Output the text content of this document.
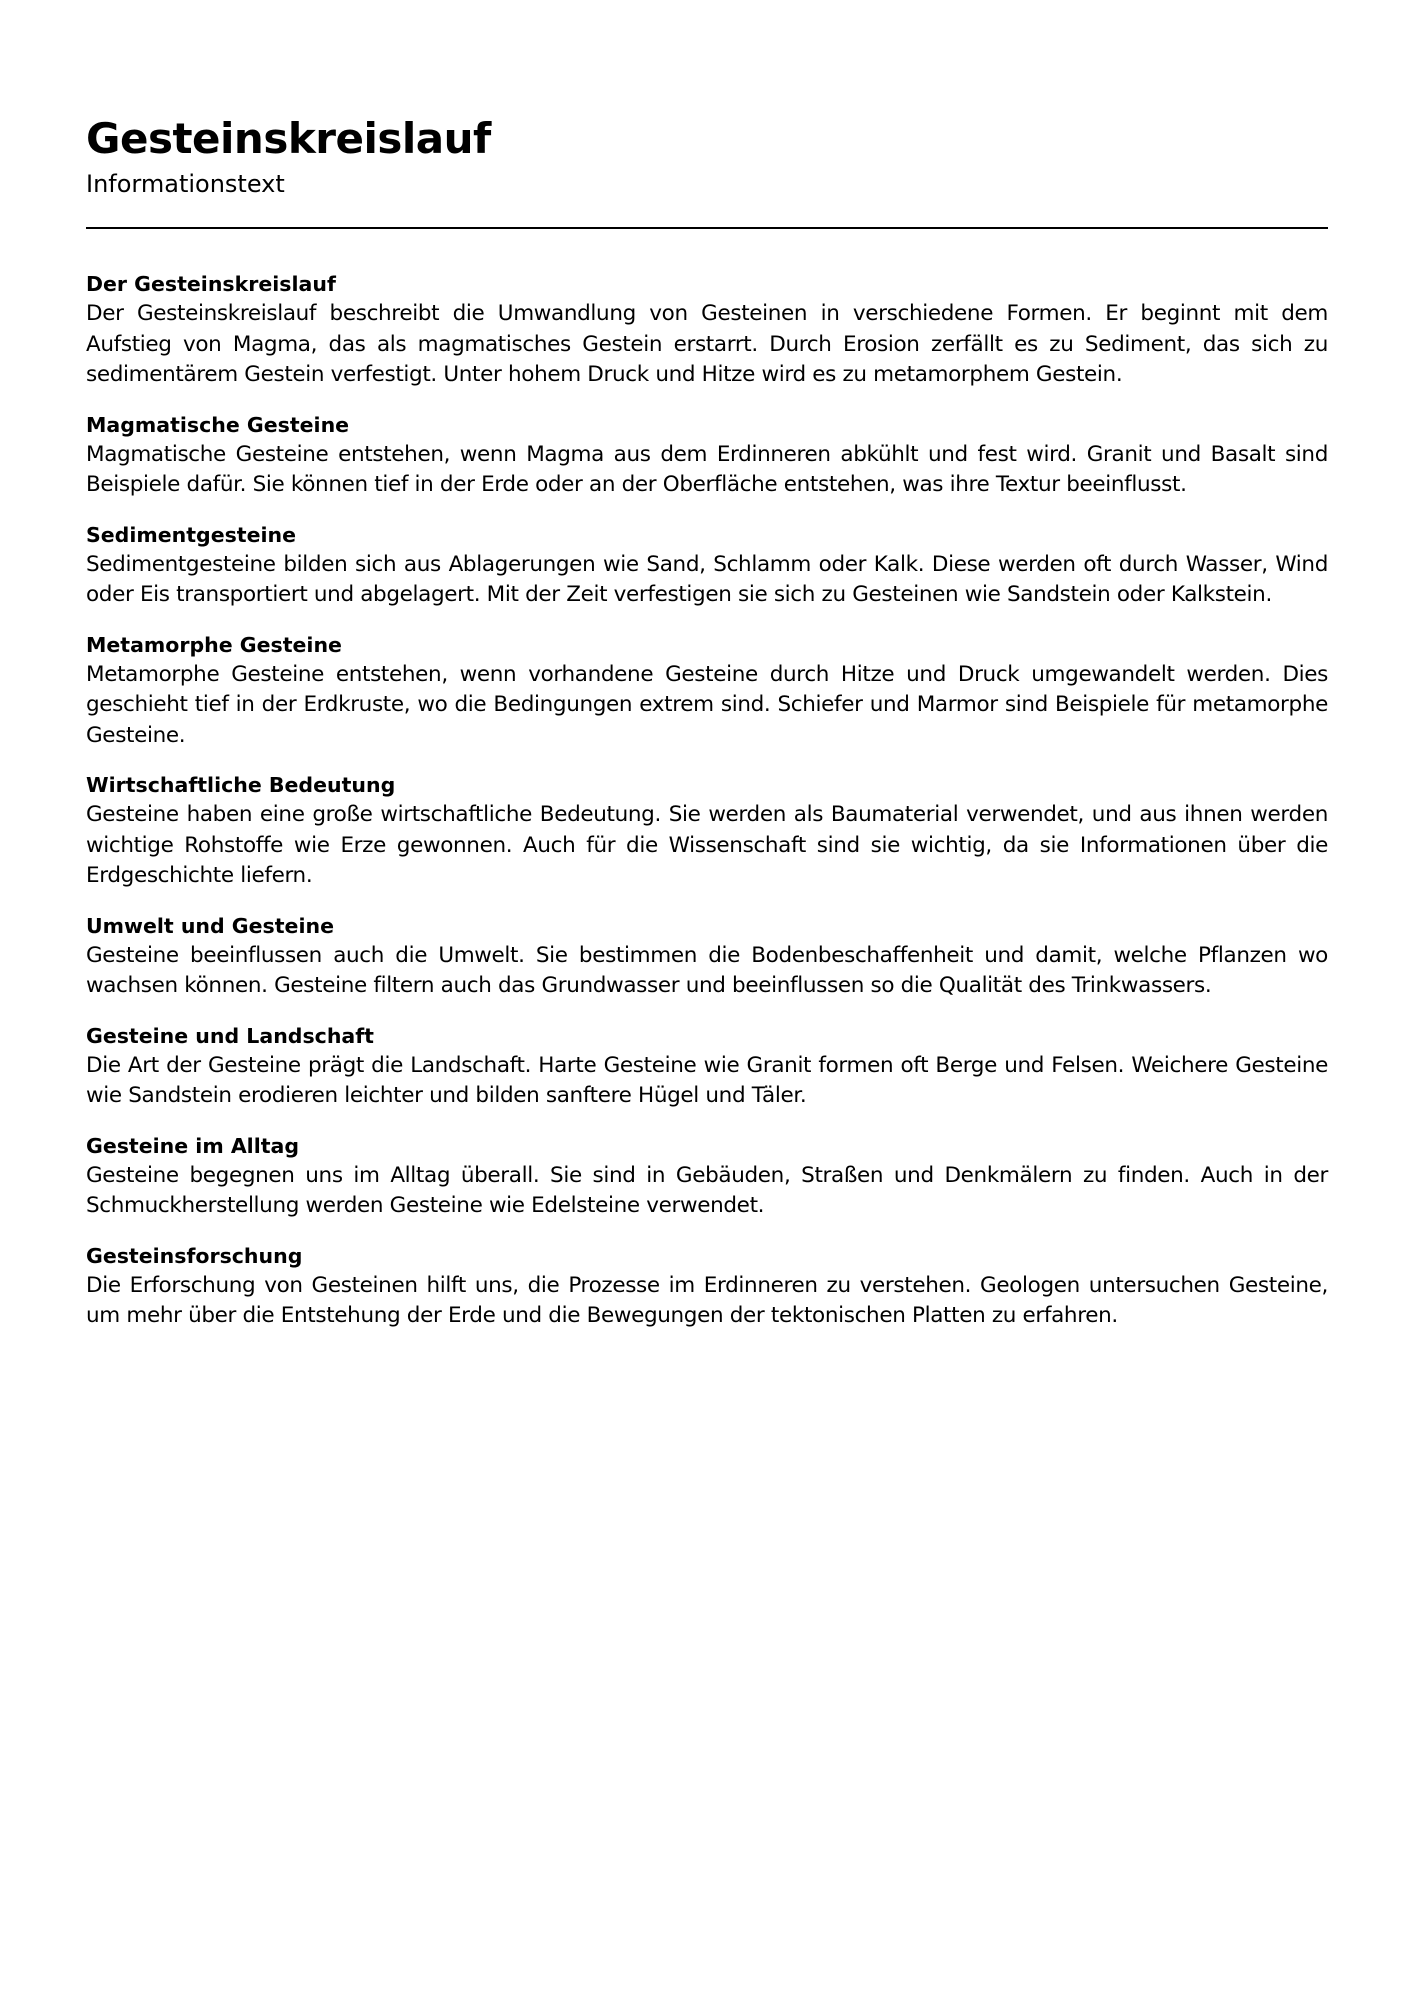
Gesteinskreislauf
Informationstext
Der Gesteinskreislauf

Der Gesteinskreislauf beschreibt die Umwandlung von Gesteinen in verschiedene Formen. Er beginnt mit dem Aufstieg von Magma, das als magmatisches Gestein erstarrt. Durch Erosion zerfällt es zu Sediment, das sich zu sedimentärem Gestein verfestigt. Unter hohem Druck und Hitze wird es zu metamorphem Gestein.

Magmatische Gesteine

Magmatische Gesteine entstehen, wenn Magma aus dem Erdinneren abkühlt und fest wird. Granit und Basalt sind Beispiele dafür. Sie können tief in der Erde oder an der Oberfläche entstehen, was ihre Textur beeinflusst.

Sedimentgesteine

Sedimentgesteine bilden sich aus Ablagerungen wie Sand, Schlamm oder Kalk. Diese werden oft durch Wasser, Wind oder Eis transportiert und abgelagert. Mit der Zeit verfestigen sie sich zu Gesteinen wie Sandstein oder Kalkstein.

Metamorphe Gesteine

Metamorphe Gesteine entstehen, wenn vorhandene Gesteine durch Hitze und Druck umgewandelt werden. Dies geschieht tief in der Erdkruste, wo die Bedingungen extrem sind. Schiefer und Marmor sind Beispiele für metamorphe Gesteine.

Wirtschaftliche Bedeutung

Gesteine haben eine große wirtschaftliche Bedeutung. Sie werden als Baumaterial verwendet, und aus ihnen werden wichtige Rohstoffe wie Erze gewonnen. Auch für die Wissenschaft sind sie wichtig, da sie Informationen über die Erdgeschichte liefern.

Umwelt und Gesteine

Gesteine beeinflussen auch die Umwelt. Sie bestimmen die Bodenbeschaffenheit und damit, welche Pflanzen wo wachsen können. Gesteine filtern auch das Grundwasser und beeinflussen so die Qualität des Trinkwassers.

Gesteine und Landschaft

Die Art der Gesteine prägt die Landschaft. Harte Gesteine wie Granit formen oft Berge und Felsen. Weichere Gesteine wie Sandstein erodieren leichter und bilden sanftere Hügel und Täler.

Gesteine im Alltag

Gesteine begegnen uns im Alltag überall. Sie sind in Gebäuden, Straßen und Denkmälern zu finden. Auch in der Schmuckherstellung werden Gesteine wie Edelsteine verwendet.

Gesteinsforschung

Die Erforschung von Gesteinen hilft uns, die Prozesse im Erdinneren zu verstehen. Geologen untersuchen Gesteine, um mehr über die Entstehung der Erde und die Bewegungen der tektonischen Platten zu erfahren.
